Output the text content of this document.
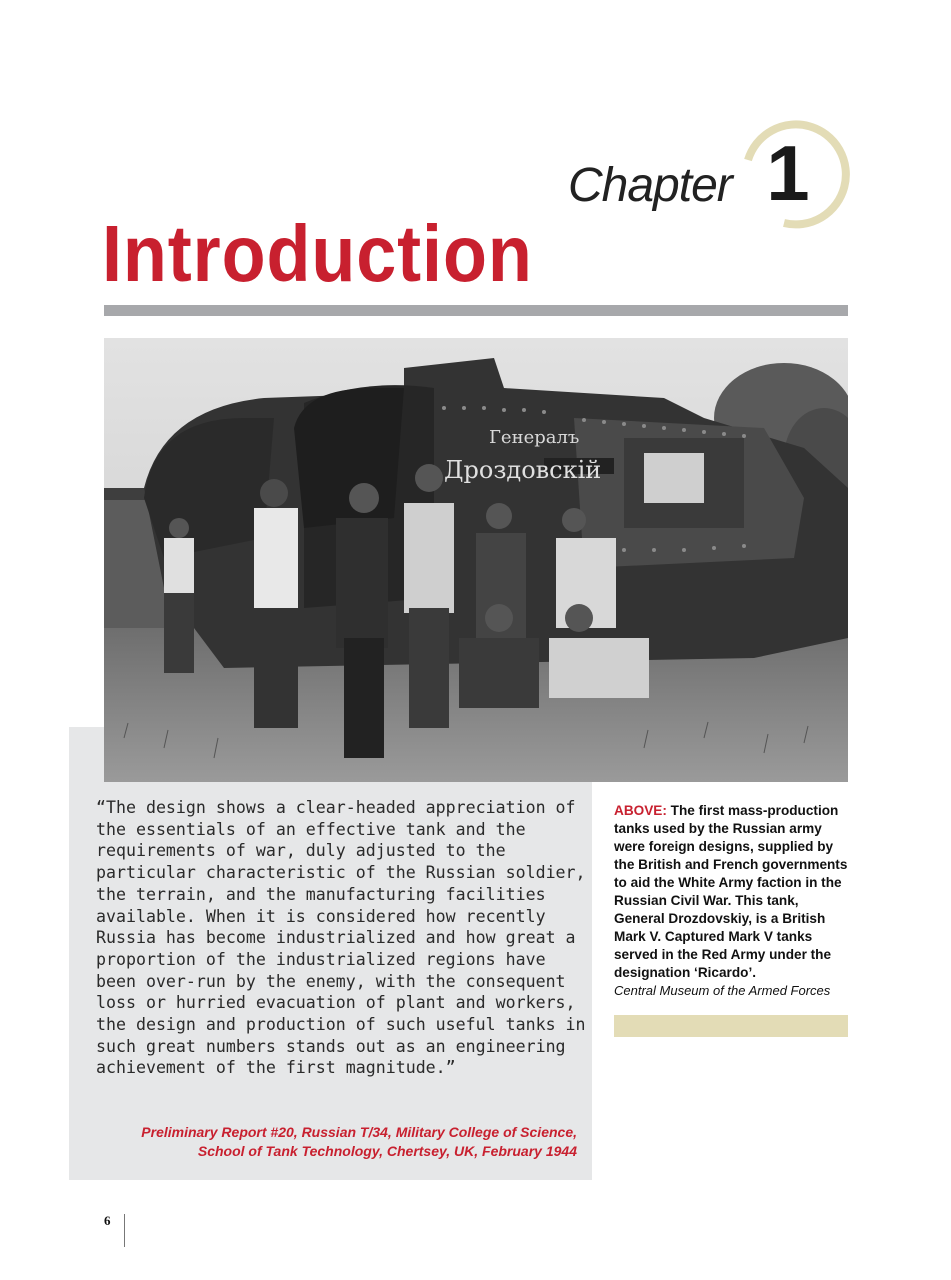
Chapter 1
Introduction
Генералъ
Дроздовскiй

“The design shows a clear-headed appreciation of the essentials of an effective tank and the requirements of war, duly adjusted to the particular characteristic of the Russian soldier, the terrain, and the manufacturing facilities available. When it is considered how recently Russia has become industrialized and how great a proportion of the industrialized regions have been over-run by the enemy, with the consequent loss or hurried evacuation of plant and workers, the design and production of such useful tanks in such great numbers stands out as an engineering achievement of the first magnitude.”

Preliminary Report #20, Russian T/34, Military College of Science,
School of Tank Technology, Chertsey, UK, February 1944
ABOVE: The first mass-production tanks used by the Russian army were foreign designs, supplied by the British and French governments to aid the White Army faction in the Russian Civil War. This tank, General Drozdovskiy, is a British Mark V. Captured Mark V tanks served in the Red Army under the designation ‘Ricardo’.
Central Museum of the Armed Forces
6
